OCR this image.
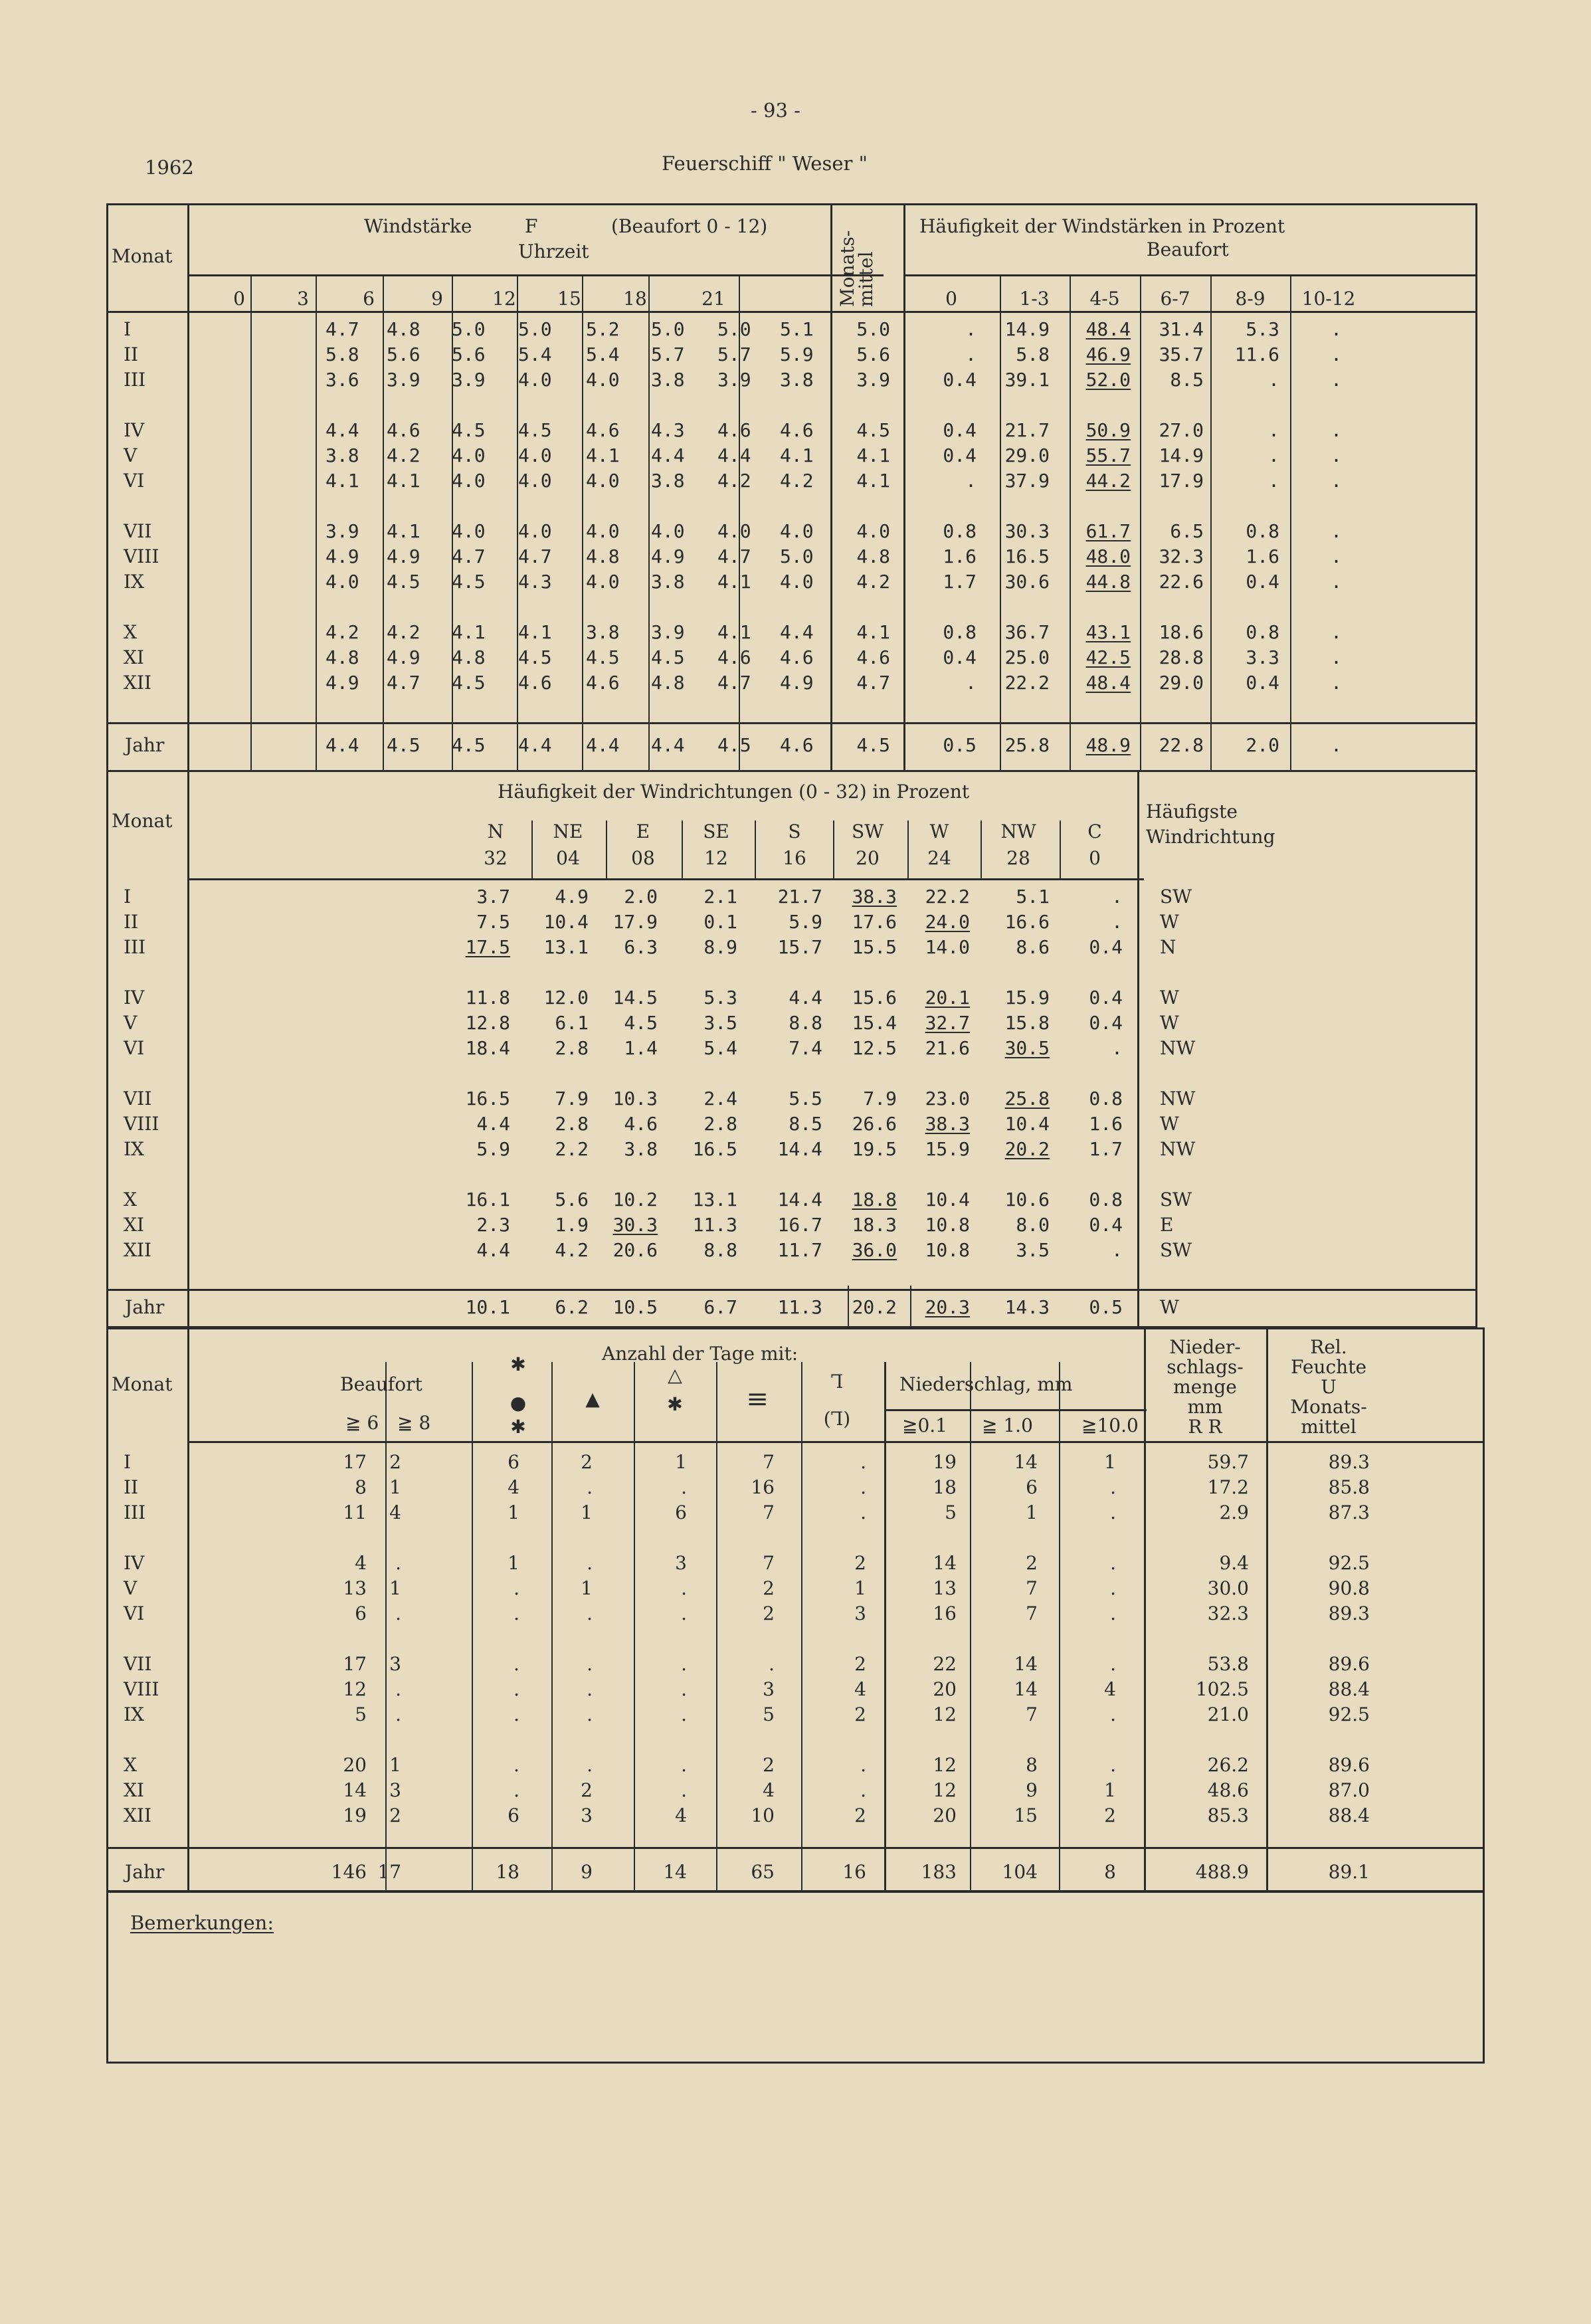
- 93 -
1962	Feuerschiff " Weser "
Monat
Windstärke	F	(Beaufort 0 - 12)
Uhrzeit
Häufigkeit der Windstärken in Prozent
Beaufort
Monats-
mittel
0	3	6	9	12 15 18	21	0	1-3 4-5 6-7 8-9 10-12
I	4.7 4.8 5.0 5.0 5.2 5.0 5.0 5.1 5.0	. 14.9 48.4 31.4 5.3	.
II	5.8 5.6 5.6 5.4 5.4 5.7 5.7 5.9 5.6	. 5.8 46.9 35.7 11.6	.
III	3.6 3.9 3.9 4.0 4.0 3.8 3.9 3.8 3.9	0.4 39.1 52.0 8.5	.	.
IV	4.4 4.6 4.5 4.5 4.6 4.3 4.6 4.6 4.5	0.4 21.7 50.9 27.0	.	.
V	3.8 4.2 4.0 4.0 4.1 4.4 4.4 4.1 4.1	0.4 29.0 55.7 14.9	.	.
VI	4.1 4.1 4.0 4.0 4.0 3.8 4.2 4.2 4.1	. 37.9 44.2 17.9	.	.
VII	3.9 4.1 4.0 4.0 4.0 4.0 4.0 4.0 4.0	0.8 30.3 61.7 6.5 0.8	.
VIII	4.9 4.9 4.7 4.7 4.8 4.9 4.7 5.0 4.8	1.6 16.5 48.0 32.3 1.6	.
IX	4.0 4.5 4.5 4.3 4.0 3.8 4.1 4.0 4.2	1.7 30.6 44.8 22.6 0.4	.
X	4.2 4.2 4.1 4.1 3.8 3.9 4.1 4.4 4.1	0.8 36.7 43.1 18.6 0.8	.
XI	4.8 4.9 4.8 4.5 4.5 4.5 4.6 4.6 4.6	0.4 25.0 42.5 28.8 3.3	.
XII	4.9 4.7 4.5 4.6 4.6 4.8 4.7 4.9 4.7	. 22.2 48.4 29.0 0.4	.
Jahr	4.4 4.5 4.5 4.4 4.4 4.4 4.5 4.6 4.5	0.5 25.8 48.9 22.8 2.0	.
Monat
Häufigkeit der Windrichtungen (0 - 32) in Prozent
Häufigste
Windrichtung
N
32
NE
04
E
08
SE
12
S
16
SW
20
W
24
NW
28
C
0
I	3.7 4.9 2.0 2.1 21.7 38.3 22.2 5.1	. SW
II	7.5 10.4 17.9 0.1	5.9 17.6 24.0 16.6	. W
III	17.5 13.1 6.3 8.9 15.7 15.5 14.0 8.6 0.4 N
IV	11.8 12.0 14.5 5.3	4.4 15.6 20.1 15.9 0.4 W
V	12.8 6.1 4.5 3.5	8.8 15.4 32.7 15.8 0.4 W
VI	18.4 2.8 1.4 5.4	7.4 12.5 21.6 30.5	. NW
VII	16.5 7.9 10.3 2.4	5.5 7.9 23.0 25.8 0.8 NW
VIII	4.4 2.8 4.6 2.8	8.5 26.6 38.3 10.4 1.6 W
IX	5.9 2.2 3.8 16.5 14.4 19.5 15.9 20.2 1.7 NW
X	16.1 5.6 10.2 13.1 14.4 18.8 10.4 10.6 0.8 SW
XI	2.3 1.9 30.3 11.3 16.7 18.3 10.8 8.0 0.4 E
XII	4.4 4.2 20.6 8.8 11.7 36.0 10.8 3.5	. SW
Jahr	10.1 6.2 10.5 6.7 11.3 20.2 20.3 14.3 0.5 W
Monat
Anzahl der Tage mit:
Beaufort
≧ 6 ≧ 8
✱
●
✱
▲
△
✱ ≡
Ꞁ
(Ꞁ)
Niederschlag, mm
≧0.1 ≧ 1.0	≧10.0
Nieder-
schlags-
menge
mm
R R
Rel.
Feuchte
U
Monats-
mittel
I	17 2	6	2	1	7	.	19	14	1	59.7	89.3
II	8 1	4	.	.	16	.	18	6	.	17.2	85.8
III	11 4	1	1	6	7	.	5	1	.	2.9	87.3
IV	4 .	1	.	3	7	2	14	2	.	9.4	92.5
V	13 1	.	1	.	2	1	13	7	.	30.0	90.8
VI	6 .	.	.	.	2	3	16	7	.	32.3	89.3
VII	17 3	.	.	.	.	2	22	14	.	53.8	89.6
VIII	12 .	.	.	.	3	4	20	14	4	102.5	88.4
IX	5 .	.	.	.	5	2	12	7	.	21.0	92.5
X	20 1	.	.	.	2	.	12	8	.	26.2	89.6
XI	14 3	.	2	.	4	.	12	9	1	48.6	87.0
XII	19 2	6	3	4	10	2	20	15	2	85.3	88.4
Jahr	146 17	18	9	14	65	16	183 104	8	488.9	89.1
Bemerkungen:
